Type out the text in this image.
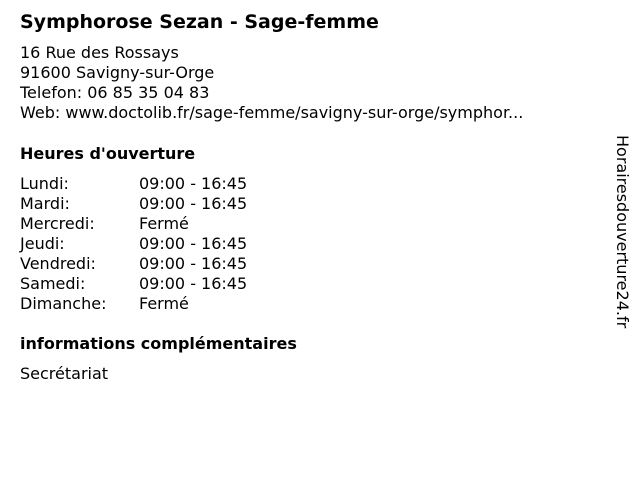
Symphorose Sezan - Sage-femme
16 Rue des Rossays
91600 Savigny-sur-Orge
Telefon: 06 85 35 04 83
Web: www.doctolib.fr/sage-femme/savigny-sur-orge/symphor...
Heures d'ouverture
Lundi:	09:00 - 16:45
Mardi:	09:00 - 16:45
Mercredi:	Fermé
Jeudi:	09:00 - 16:45
Vendredi:	09:00 - 16:45
Samedi:	09:00 - 16:45
Dimanche: Fermé
informations complémentaires
Secrétariat
Horairesdouverture24.fr
